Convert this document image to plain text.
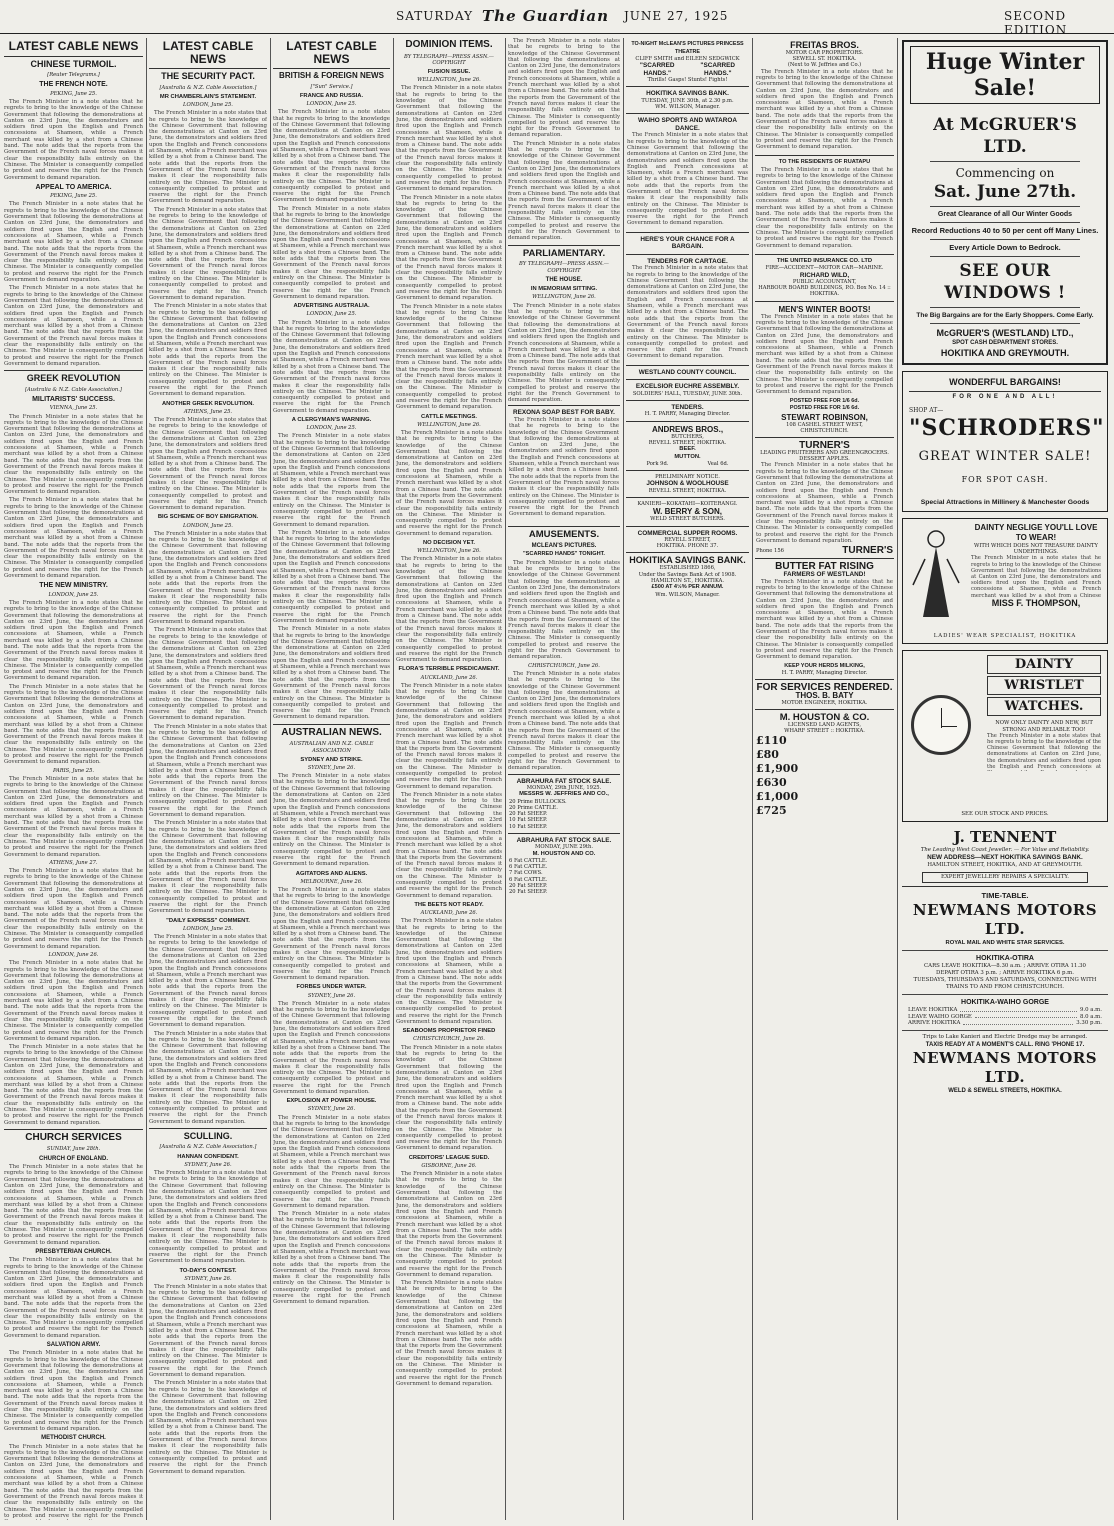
SATURDAY The Guardian JUNE 27, 1925	SECOND EDITION
LATEST CABLE NEWS
CHINESE TURMOIL.
[Reuter Telegrams.]
THE FRENCH NOTE.
PEKING, June 25.

The French Minister in a note states that he regrets to bring to the knowledge of the Chinese Government that following the demonstrations at Canton on 23rd June, the demonstrators and soldiers fired upon the English and French concessions at Shameen, while a French merchant was killed by a shot from a Chinese band. The note adds that the reports from the Government of the French naval forces makes it clear the responsibility falls entirely on the Chinese. The Minister is consequently compelled to protest and reserve the right for the French Government to demand reparation.

APPEAL TO AMERICA.
PEKING, June 25.

The French Minister in a note states that he regrets to bring to the knowledge of the Chinese Government that following the demonstrations at Canton on 23rd June, the demonstrators and soldiers fired upon the English and French concessions at Shameen, while a French merchant was killed by a shot from a Chinese band. The note adds that the reports from the Government of the French naval forces makes it clear the responsibility falls entirely on the Chinese. The Minister is consequently compelled to protest and reserve the right for the French Government to demand reparation.

The French Minister in a note states that he regrets to bring to the knowledge of the Chinese Government that following the demonstrations at Canton on 23rd June, the demonstrators and soldiers fired upon the English and French concessions at Shameen, while a French merchant was killed by a shot from a Chinese band. The note adds that the reports from the Government of the French naval forces makes it clear the responsibility falls entirely on the Chinese. The Minister is consequently compelled to protest and reserve the right for the French Government to demand reparation.

GREEK REVOLUTION
[Australia & N.Z. Cable Association.]
MILITARISTS' SUCCESS.
VIENNA, June 25.

The French Minister in a note states that he regrets to bring to the knowledge of the Chinese Government that following the demonstrations at Canton on 23rd June, the demonstrators and soldiers fired upon the English and French concessions at Shameen, while a French merchant was killed by a shot from a Chinese band. The note adds that the reports from the Government of the French naval forces makes it clear the responsibility falls entirely on the Chinese. The Minister is consequently compelled to protest and reserve the right for the French Government to demand reparation.

The French Minister in a note states that he regrets to bring to the knowledge of the Chinese Government that following the demonstrations at Canton on 23rd June, the demonstrators and soldiers fired upon the English and French concessions at Shameen, while a French merchant was killed by a shot from a Chinese band. The note adds that the reports from the Government of the French naval forces makes it clear the responsibility falls entirely on the Chinese. The Minister is consequently compelled to protest and reserve the right for the French Government to demand reparation.

THE NEW MINISTRY.
LONDON, June 25.

The French Minister in a note states that he regrets to bring to the knowledge of the Chinese Government that following the demonstrations at Canton on 23rd June, the demonstrators and soldiers fired upon the English and French concessions at Shameen, while a French merchant was killed by a shot from a Chinese band. The note adds that the reports from the Government of the French naval forces makes it clear the responsibility falls entirely on the Chinese. The Minister is consequently compelled to protest and reserve the right for the French Government to demand reparation.

The French Minister in a note states that he regrets to bring to the knowledge of the Chinese Government that following the demonstrations at Canton on 23rd June, the demonstrators and soldiers fired upon the English and French concessions at Shameen, while a French merchant was killed by a shot from a Chinese band. The note adds that the reports from the Government of the French naval forces makes it clear the responsibility falls entirely on the Chinese. The Minister is consequently compelled to protest and reserve the right for the French Government to demand reparation.

PARIS, June 25.

The French Minister in a note states that he regrets to bring to the knowledge of the Chinese Government that following the demonstrations at Canton on 23rd June, the demonstrators and soldiers fired upon the English and French concessions at Shameen, while a French merchant was killed by a shot from a Chinese band. The note adds that the reports from the Government of the French naval forces makes it clear the responsibility falls entirely on the Chinese. The Minister is consequently compelled to protest and reserve the right for the French Government to demand reparation.

ATHENS, June 27.

The French Minister in a note states that he regrets to bring to the knowledge of the Chinese Government that following the demonstrations at Canton on 23rd June, the demonstrators and soldiers fired upon the English and French concessions at Shameen, while a French merchant was killed by a shot from a Chinese band. The note adds that the reports from the Government of the French naval forces makes it clear the responsibility falls entirely on the Chinese. The Minister is consequently compelled to protest and reserve the right for the French Government to demand reparation.

LONDON, June 26.

The French Minister in a note states that he regrets to bring to the knowledge of the Chinese Government that following the demonstrations at Canton on 23rd June, the demonstrators and soldiers fired upon the English and French concessions at Shameen, while a French merchant was killed by a shot from a Chinese band. The note adds that the reports from the Government of the French naval forces makes it clear the responsibility falls entirely on the Chinese. The Minister is consequently compelled to protest and reserve the right for the French Government to demand reparation.

The French Minister in a note states that he regrets to bring to the knowledge of the Chinese Government that following the demonstrations at Canton on 23rd June, the demonstrators and soldiers fired upon the English and French concessions at Shameen, while a French merchant was killed by a shot from a Chinese band. The note adds that the reports from the Government of the French naval forces makes it clear the responsibility falls entirely on the Chinese. The Minister is consequently compelled to protest and reserve the right for the French Government to demand reparation.

CHURCH SERVICES
SUNDAY, June 28th.
CHURCH OF ENGLAND.

The French Minister in a note states that he regrets to bring to the knowledge of the Chinese Government that following the demonstrations at Canton on 23rd June, the demonstrators and soldiers fired upon the English and French concessions at Shameen, while a French merchant was killed by a shot from a Chinese band. The note adds that the reports from the Government of the French naval forces makes it clear the responsibility falls entirely on the Chinese. The Minister is consequently compelled to protest and reserve the right for the French Government to demand reparation.

PRESBYTERIAN CHURCH.

The French Minister in a note states that he regrets to bring to the knowledge of the Chinese Government that following the demonstrations at Canton on 23rd June, the demonstrators and soldiers fired upon the English and French concessions at Shameen, while a French merchant was killed by a shot from a Chinese band. The note adds that the reports from the Government of the French naval forces makes it clear the responsibility falls entirely on the Chinese. The Minister is consequently compelled to protest and reserve the right for the French Government to demand reparation.

SALVATION ARMY.

The French Minister in a note states that he regrets to bring to the knowledge of the Chinese Government that following the demonstrations at Canton on 23rd June, the demonstrators and soldiers fired upon the English and French concessions at Shameen, while a French merchant was killed by a shot from a Chinese band. The note adds that the reports from the Government of the French naval forces makes it clear the responsibility falls entirely on the Chinese. The Minister is consequently compelled to protest and reserve the right for the French Government to demand reparation.

METHODIST CHURCH.

The French Minister in a note states that he regrets to bring to the knowledge of the Chinese Government that following the demonstrations at Canton on 23rd June, the demonstrators and soldiers fired upon the English and French concessions at Shameen, while a French merchant was killed by a shot from a Chinese band. The note adds that the reports from the Government of the French naval forces makes it clear the responsibility falls entirely on the Chinese. The Minister is consequently compelled to protest and reserve the right for the French

LATEST CABLE NEWS
THE SECURITY PACT.
[Australia & N.Z. Cable Association.]
MR CHAMBERLAIN'S STATEMENT.
LONDON, June 25.

The French Minister in a note states that he regrets to bring to the knowledge of the Chinese Government that following the demonstrations at Canton on 23rd June, the demonstrators and soldiers fired upon the English and French concessions at Shameen, while a French merchant was killed by a shot from a Chinese band. The note adds that the reports from the Government of the French naval forces makes it clear the responsibility falls entirely on the Chinese. The Minister is consequently compelled to protest and reserve the right for the French Government to demand reparation.

The French Minister in a note states that he regrets to bring to the knowledge of the Chinese Government that following the demonstrations at Canton on 23rd June, the demonstrators and soldiers fired upon the English and French concessions at Shameen, while a French merchant was killed by a shot from a Chinese band. The note adds that the reports from the Government of the French naval forces makes it clear the responsibility falls entirely on the Chinese. The Minister is consequently compelled to protest and reserve the right for the French Government to demand reparation.

The French Minister in a note states that he regrets to bring to the knowledge of the Chinese Government that following the demonstrations at Canton on 23rd June, the demonstrators and soldiers fired upon the English and French concessions at Shameen, while a French merchant was killed by a shot from a Chinese band. The note adds that the reports from the Government of the French naval forces makes it clear the responsibility falls entirely on the Chinese. The Minister is consequently compelled to protest and reserve the right for the French Government to demand reparation.

ANOTHER GREEK REVOLUTION.
ATHENS, June 25.

The French Minister in a note states that he regrets to bring to the knowledge of the Chinese Government that following the demonstrations at Canton on 23rd June, the demonstrators and soldiers fired upon the English and French concessions at Shameen, while a French merchant was killed by a shot from a Chinese band. The note adds that the reports from the Government of the French naval forces makes it clear the responsibility falls entirely on the Chinese. The Minister is consequently compelled to protest and reserve the right for the French Government to demand reparation.

BIG SCHEME OF BOY EMIGRATION.
LONDON, June 25.

The French Minister in a note states that he regrets to bring to the knowledge of the Chinese Government that following the demonstrations at Canton on 23rd June, the demonstrators and soldiers fired upon the English and French concessions at Shameen, while a French merchant was killed by a shot from a Chinese band. The note adds that the reports from the Government of the French naval forces makes it clear the responsibility falls entirely on the Chinese. The Minister is consequently compelled to protest and reserve the right for the French Government to demand reparation.

The French Minister in a note states that he regrets to bring to the knowledge of the Chinese Government that following the demonstrations at Canton on 23rd June, the demonstrators and soldiers fired upon the English and French concessions at Shameen, while a French merchant was killed by a shot from a Chinese band. The note adds that the reports from the Government of the French naval forces makes it clear the responsibility falls entirely on the Chinese. The Minister is consequently compelled to protest and reserve the right for the French Government to demand reparation.

The French Minister in a note states that he regrets to bring to the knowledge of the Chinese Government that following the demonstrations at Canton on 23rd June, the demonstrators and soldiers fired upon the English and French concessions at Shameen, while a French merchant was killed by a shot from a Chinese band. The note adds that the reports from the Government of the French naval forces makes it clear the responsibility falls entirely on the Chinese. The Minister is consequently compelled to protest and reserve the right for the French Government to demand reparation.

The French Minister in a note states that he regrets to bring to the knowledge of the Chinese Government that following the demonstrations at Canton on 23rd June, the demonstrators and soldiers fired upon the English and French concessions at Shameen, while a French merchant was killed by a shot from a Chinese band. The note adds that the reports from the Government of the French naval forces makes it clear the responsibility falls entirely on the Chinese. The Minister is consequently compelled to protest and reserve the right for the French Government to demand reparation.

"DAILY EXPRESS" COMMENT.
LONDON, June 25.

The French Minister in a note states that he regrets to bring to the knowledge of the Chinese Government that following the demonstrations at Canton on 23rd June, the demonstrators and soldiers fired upon the English and French concessions at Shameen, while a French merchant was killed by a shot from a Chinese band. The note adds that the reports from the Government of the French naval forces makes it clear the responsibility falls entirely on the Chinese. The Minister is consequently compelled to protest and reserve the right for the French Government to demand reparation.

The French Minister in a note states that he regrets to bring to the knowledge of the Chinese Government that following the demonstrations at Canton on 23rd June, the demonstrators and soldiers fired upon the English and French concessions at Shameen, while a French merchant was killed by a shot from a Chinese band. The note adds that the reports from the Government of the French naval forces makes it clear the responsibility falls entirely on the Chinese. The Minister is consequently compelled to protest and reserve the right for the French Government to demand reparation.

SCULLING.
[Australia & N.Z. Cable Association.]
HANNAN CONFIDENT.
SYDNEY, June 26.

The French Minister in a note states that he regrets to bring to the knowledge of the Chinese Government that following the demonstrations at Canton on 23rd June, the demonstrators and soldiers fired upon the English and French concessions at Shameen, while a French merchant was killed by a shot from a Chinese band. The note adds that the reports from the Government of the French naval forces makes it clear the responsibility falls entirely on the Chinese. The Minister is consequently compelled to protest and reserve the right for the French Government to demand reparation.

TO-DAY'S CONTEST.
SYDNEY, June 26.

The French Minister in a note states that he regrets to bring to the knowledge of the Chinese Government that following the demonstrations at Canton on 23rd June, the demonstrators and soldiers fired upon the English and French concessions at Shameen, while a French merchant was killed by a shot from a Chinese band. The note adds that the reports from the Government of the French naval forces makes it clear the responsibility falls entirely on the Chinese. The Minister is consequently compelled to protest and reserve the right for the French Government to demand reparation.

The French Minister in a note states that he regrets to bring to the knowledge of the Chinese Government that following the demonstrations at Canton on 23rd June, the demonstrators and soldiers fired upon the English and French concessions at Shameen, while a French merchant was killed by a shot from a Chinese band. The note adds that the reports from the Government of the French naval forces makes it clear the responsibility falls entirely on the Chinese. The Minister is consequently compelled to protest and reserve the right for the French Government to demand reparation.

LATEST CABLE NEWS
BRITISH & FOREIGN NEWS
["Sun" Service.]
FRANCE AND RUSSIA.
LONDON, June 25.

The French Minister in a note states that he regrets to bring to the knowledge of the Chinese Government that following the demonstrations at Canton on 23rd June, the demonstrators and soldiers fired upon the English and French concessions at Shameen, while a French merchant was killed by a shot from a Chinese band. The note adds that the reports from the Government of the French naval forces makes it clear the responsibility falls entirely on the Chinese. The Minister is consequently compelled to protest and reserve the right for the French Government to demand reparation.

The French Minister in a note states that he regrets to bring to the knowledge of the Chinese Government that following the demonstrations at Canton on 23rd June, the demonstrators and soldiers fired upon the English and French concessions at Shameen, while a French merchant was killed by a shot from a Chinese band. The note adds that the reports from the Government of the French naval forces makes it clear the responsibility falls entirely on the Chinese. The Minister is consequently compelled to protest and reserve the right for the French Government to demand reparation.

ADVERTISING AUSTRALIA.
LONDON, June 25.

The French Minister in a note states that he regrets to bring to the knowledge of the Chinese Government that following the demonstrations at Canton on 23rd June, the demonstrators and soldiers fired upon the English and French concessions at Shameen, while a French merchant was killed by a shot from a Chinese band. The note adds that the reports from the Government of the French naval forces makes it clear the responsibility falls entirely on the Chinese. The Minister is consequently compelled to protest and reserve the right for the French Government to demand reparation.

A CLERGYMAN'S WARNING.
LONDON, June 25.

The French Minister in a note states that he regrets to bring to the knowledge of the Chinese Government that following the demonstrations at Canton on 23rd June, the demonstrators and soldiers fired upon the English and French concessions at Shameen, while a French merchant was killed by a shot from a Chinese band. The note adds that the reports from the Government of the French naval forces makes it clear the responsibility falls entirely on the Chinese. The Minister is consequently compelled to protest and reserve the right for the French Government to demand reparation.

The French Minister in a note states that he regrets to bring to the knowledge of the Chinese Government that following the demonstrations at Canton on 23rd June, the demonstrators and soldiers fired upon the English and French concessions at Shameen, while a French merchant was killed by a shot from a Chinese band. The note adds that the reports from the Government of the French naval forces makes it clear the responsibility falls entirely on the Chinese. The Minister is consequently compelled to protest and reserve the right for the French Government to demand reparation.

The French Minister in a note states that he regrets to bring to the knowledge of the Chinese Government that following the demonstrations at Canton on 23rd June, the demonstrators and soldiers fired upon the English and French concessions at Shameen, while a French merchant was killed by a shot from a Chinese band. The note adds that the reports from the Government of the French naval forces makes it clear the responsibility falls entirely on the Chinese. The Minister is consequently compelled to protest and reserve the right for the French Government to demand reparation.

AUSTRALIAN NEWS.
AUSTRALIAN AND N.Z. CABLE ASSOCIATION
SYDNEY AND STRIKE.
SYDNEY, June 26.

The French Minister in a note states that he regrets to bring to the knowledge of the Chinese Government that following the demonstrations at Canton on 23rd June, the demonstrators and soldiers fired upon the English and French concessions at Shameen, while a French merchant was killed by a shot from a Chinese band. The note adds that the reports from the Government of the French naval forces makes it clear the responsibility falls entirely on the Chinese. The Minister is consequently compelled to protest and reserve the right for the French Government to demand reparation.

AGITATORS AND ALIENS.
MELBOURNE, June 26.

The French Minister in a note states that he regrets to bring to the knowledge of the Chinese Government that following the demonstrations at Canton on 23rd June, the demonstrators and soldiers fired upon the English and French concessions at Shameen, while a French merchant was killed by a shot from a Chinese band. The note adds that the reports from the Government of the French naval forces makes it clear the responsibility falls entirely on the Chinese. The Minister is consequently compelled to protest and reserve the right for the French Government to demand reparation.

FORBES UNDER WATER.
SYDNEY, June 26.

The French Minister in a note states that he regrets to bring to the knowledge of the Chinese Government that following the demonstrations at Canton on 23rd June, the demonstrators and soldiers fired upon the English and French concessions at Shameen, while a French merchant was killed by a shot from a Chinese band. The note adds that the reports from the Government of the French naval forces makes it clear the responsibility falls entirely on the Chinese. The Minister is consequently compelled to protest and reserve the right for the French Government to demand reparation.

EXPLOSION AT POWER HOUSE.
SYDNEY, June 26.

The French Minister in a note states that he regrets to bring to the knowledge of the Chinese Government that following the demonstrations at Canton on 23rd June, the demonstrators and soldiers fired upon the English and French concessions at Shameen, while a French merchant was killed by a shot from a Chinese band. The note adds that the reports from the Government of the French naval forces makes it clear the responsibility falls entirely on the Chinese. The Minister is consequently compelled to protest and reserve the right for the French Government to demand reparation.

The French Minister in a note states that he regrets to bring to the knowledge of the Chinese Government that following the demonstrations at Canton on 23rd June, the demonstrators and soldiers fired upon the English and French concessions at Shameen, while a French merchant was killed by a shot from a Chinese band. The note adds that the reports from the Government of the French naval forces makes it clear the responsibility falls entirely on the Chinese. The Minister is consequently compelled to protest and reserve the right for the French Government to demand reparation.

DOMINION ITEMS.
BY TELEGRAPH—PRESS ASSN.—COPYRIGHT
FUSION ISSUE.
WELLINGTON, June 26.

The French Minister in a note states that he regrets to bring to the knowledge of the Chinese Government that following the demonstrations at Canton on 23rd June, the demonstrators and soldiers fired upon the English and French concessions at Shameen, while a French merchant was killed by a shot from a Chinese band. The note adds that the reports from the Government of the French naval forces makes it clear the responsibility falls entirely on the Chinese. The Minister is consequently compelled to protest and reserve the right for the French Government to demand reparation.

The French Minister in a note states that he regrets to bring to the knowledge of the Chinese Government that following the demonstrations at Canton on 23rd June, the demonstrators and soldiers fired upon the English and French concessions at Shameen, while a French merchant was killed by a shot from a Chinese band. The note adds that the reports from the Government of the French naval forces makes it clear the responsibility falls entirely on the Chinese. The Minister is consequently compelled to protest and reserve the right for the French Government to demand reparation.

The French Minister in a note states that he regrets to bring to the knowledge of the Chinese Government that following the demonstrations at Canton on 23rd June, the demonstrators and soldiers fired upon the English and French concessions at Shameen, while a French merchant was killed by a shot from a Chinese band. The note adds that the reports from the Government of the French naval forces makes it clear the responsibility falls entirely on the Chinese. The Minister is consequently compelled to protest and reserve the right for the French Government to demand reparation.

CATTLE MEETINGS.
WELLINGTON, June 26.

The French Minister in a note states that he regrets to bring to the knowledge of the Chinese Government that following the demonstrations at Canton on 23rd June, the demonstrators and soldiers fired upon the English and French concessions at Shameen, while a French merchant was killed by a shot from a Chinese band. The note adds that the reports from the Government of the French naval forces makes it clear the responsibility falls entirely on the Chinese. The Minister is consequently compelled to protest and reserve the right for the French Government to demand reparation.

NO DECISION YET.
WELLINGTON, June 26.

The French Minister in a note states that he regrets to bring to the knowledge of the Chinese Government that following the demonstrations at Canton on 23rd June, the demonstrators and soldiers fired upon the English and French concessions at Shameen, while a French merchant was killed by a shot from a Chinese band. The note adds that the reports from the Government of the French naval forces makes it clear the responsibility falls entirely on the Chinese. The Minister is consequently compelled to protest and reserve the right for the French Government to demand reparation.

FLORA'S TERRIBLE PREDICAMENT.
AUCKLAND, June 26.

The French Minister in a note states that he regrets to bring to the knowledge of the Chinese Government that following the demonstrations at Canton on 23rd June, the demonstrators and soldiers fired upon the English and French concessions at Shameen, while a French merchant was killed by a shot from a Chinese band. The note adds that the reports from the Government of the French naval forces makes it clear the responsibility falls entirely on the Chinese. The Minister is consequently compelled to protest and reserve the right for the French Government to demand reparation.

The French Minister in a note states that he regrets to bring to the knowledge of the Chinese Government that following the demonstrations at Canton on 23rd June, the demonstrators and soldiers fired upon the English and French concessions at Shameen, while a French merchant was killed by a shot from a Chinese band. The note adds that the reports from the Government of the French naval forces makes it clear the responsibility falls entirely on the Chinese. The Minister is consequently compelled to protest and reserve the right for the French Government to demand reparation.

THE BEETS NOT READY.
AUCKLAND, June 26.

The French Minister in a note states that he regrets to bring to the knowledge of the Chinese Government that following the demonstrations at Canton on 23rd June, the demonstrators and soldiers fired upon the English and French concessions at Shameen, while a French merchant was killed by a shot from a Chinese band. The note adds that the reports from the Government of the French naval forces makes it clear the responsibility falls entirely on the Chinese. The Minister is consequently compelled to protest and reserve the right for the French Government to demand reparation.

SEABOOMS PROPRIETOR FINED
CHRISTCHURCH, June 26.

The French Minister in a note states that he regrets to bring to the knowledge of the Chinese Government that following the demonstrations at Canton on 23rd June, the demonstrators and soldiers fired upon the English and French concessions at Shameen, while a French merchant was killed by a shot from a Chinese band. The note adds that the reports from the Government of the French naval forces makes it clear the responsibility falls entirely on the Chinese. The Minister is consequently compelled to protest and reserve the right for the French Government to demand reparation.

CREDITORS' LEAGUE SUED.
GISBORNE, June 26.

The French Minister in a note states that he regrets to bring to the knowledge of the Chinese Government that following the demonstrations at Canton on 23rd June, the demonstrators and soldiers fired upon the English and French concessions at Shameen, while a French merchant was killed by a shot from a Chinese band. The note adds that the reports from the Government of the French naval forces makes it clear the responsibility falls entirely on the Chinese. The Minister is consequently compelled to protest and reserve the right for the French Government to demand reparation.

The French Minister in a note states that he regrets to bring to the knowledge of the Chinese Government that following the demonstrations at Canton on 23rd June, the demonstrators and soldiers fired upon the English and French concessions at Shameen, while a French merchant was killed by a shot from a Chinese band. The note adds that the reports from the Government of the French naval forces makes it clear the responsibility falls entirely on the Chinese. The Minister is consequently compelled to protest and reserve the right for the French Government to demand reparation.

The French Minister in a note states that he regrets to bring to the knowledge of the Chinese Government that following the demonstrations at Canton on 23rd June, the demonstrators and soldiers fired upon the English and French concessions at Shameen, while a French merchant was killed by a shot from a Chinese band. The note adds that the reports from the Government of the French naval forces makes it clear the responsibility falls entirely on the Chinese. The Minister is consequently compelled to protest and reserve the right for the French Government to demand reparation.

The French Minister in a note states that he regrets to bring to the knowledge of the Chinese Government that following the demonstrations at Canton on 23rd June, the demonstrators and soldiers fired upon the English and French concessions at Shameen, while a French merchant was killed by a shot from a Chinese band. The note adds that the reports from the Government of the French naval forces makes it clear the responsibility falls entirely on the Chinese. The Minister is consequently compelled to protest and reserve the right for the French Government to demand reparation.

PARLIAMENTARY.
BY TELEGRAPH—PRESS ASSN.—COPYRIGHT
THE HOUSE.
IN MEMORIAM SITTING.
WELLINGTON, June 26.

The French Minister in a note states that he regrets to bring to the knowledge of the Chinese Government that following the demonstrations at Canton on 23rd June, the demonstrators and soldiers fired upon the English and French concessions at Shameen, while a French merchant was killed by a shot from a Chinese band. The note adds that the reports from the Government of the French naval forces makes it clear the responsibility falls entirely on the Chinese. The Minister is consequently compelled to protest and reserve the right for the French Government to demand reparation.

REXONA SOAP BEST FOR BABY.

The French Minister in a note states that he regrets to bring to the knowledge of the Chinese Government that following the demonstrations at Canton on 23rd June, the demonstrators and soldiers fired upon the English and French concessions at Shameen, while a French merchant was killed by a shot from a Chinese band. The note adds that the reports from the Government of the French naval forces makes it clear the responsibility falls entirely on the Chinese. The Minister is consequently compelled to protest and reserve the right for the French Government to demand reparation.

AMUSEMENTS.
MCLEAN'S PICTURES.
"SCARRED HANDS" TONIGHT.

The French Minister in a note states that he regrets to bring to the knowledge of the Chinese Government that following the demonstrations at Canton on 23rd June, the demonstrators and soldiers fired upon the English and French concessions at Shameen, while a French merchant was killed by a shot from a Chinese band. The note adds that the reports from the Government of the French naval forces makes it clear the responsibility falls entirely on the Chinese. The Minister is consequently compelled to protest and reserve the right for the French Government to demand reparation.

CHRISTCHURCH, June 26.

The French Minister in a note states that he regrets to bring to the knowledge of the Chinese Government that following the demonstrations at Canton on 23rd June, the demonstrators and soldiers fired upon the English and French concessions at Shameen, while a French merchant was killed by a shot from a Chinese band. The note adds that the reports from the Government of the French naval forces makes it clear the responsibility falls entirely on the Chinese. The Minister is consequently compelled to protest and reserve the right for the French Government to demand reparation.

ABRAHURA FAT STOCK SALE.
MONDAY, 29th JUNE, 1925.
MESSRS W. JEFFRIES AND CO.,
20 Prime BULLOCKS.
20 Prime CATTLE.
20 Fat SHEEP.
10 Fat SHEEP.
10 Fat SHEEP.
ABRAHURA FAT STOCK SALE.
MONDAY, JUNE 29th.
M. HOUSTON AND CO.
6 Fat CATTLE.
6 Fat CATTLE.
7 Fat COWS.
6 Fat CATTLE.
20 Fat SHEEP.
20 Fat SHEEP.
TO-NIGHT McLEAN'S PICTURES PRINCESS THEATRE
CLIFF SMITH and EILEEN SEDGWICK
"SCARRED HANDS."
"SCARRED HANDS."
Thrills! Gasps! Stunts! Fights!
HOKITIKA SAVINGS BANK.
TUESDAY, JUNE 30th, at 2.30 p.m.
WM. WILSON, Manager.
WAIHO SPORTS AND WATAROA DANCE.

The French Minister in a note states that he regrets to bring to the knowledge of the Chinese Government that following the demonstrations at Canton on 23rd June, the demonstrators and soldiers fired upon the English and French concessions at Shameen, while a French merchant was killed by a shot from a Chinese band. The note adds that the reports from the Government of the French naval forces makes it clear the responsibility falls entirely on the Chinese. The Minister is consequently compelled to protest and reserve the right for the French Government to demand reparation.

HERE'S YOUR CHANCE FOR A BARGAIN.
TENDERS FOR CARTAGE.

The French Minister in a note states that he regrets to bring to the knowledge of the Chinese Government that following the demonstrations at Canton on 23rd June, the demonstrators and soldiers fired upon the English and French concessions at Shameen, while a French merchant was killed by a shot from a Chinese band. The note adds that the reports from the Government of the French naval forces makes it clear the responsibility falls entirely on the Chinese. The Minister is consequently compelled to protest and reserve the right for the French Government to demand reparation.

WESTLAND COUNTY COUNCIL.
EXCELSIOR EUCHRE ASSEMBLY.
SOLDIERS' HALL, TUESDAY, JUNE 30th.
TENDERS.
H. T. PARRY, Managing Director.
ANDREWS BROS.,
BUTCHERS,
REVELL STREET, HOKITIKA.
BEEF.
MUTTON.
Pork 9d.	Veal 6d.
PRELIMINARY NOTICE.
JOHNSON & WOOLHOUSE
REVELL STREET, HOKITIKA.
KANIERI—KOKATAHI—KOITERANGI.
W. BERRY & SON,
WELD STREET BUTCHERS.
COMMERCIAL SUPPER ROOMS.
REVELL STREET,
HOKITIKA. PHONE 37.
HOKITIKA SAVINGS BANK.
ESTABLISHED 1866,
Under the Savings Bank Act of 1908.
HAMILTON ST., HOKITIKA.
£500 AT 4½% PER ANNUM.
Wm. WILSON, Manager.
FREITAS BROS.
MOTOR CAR PROPRIETORS.
SEWELL ST. HOKITIKA.
(Next to W. Jeffries and Co.)

The French Minister in a note states that he regrets to bring to the knowledge of the Chinese Government that following the demonstrations at Canton on 23rd June, the demonstrators and soldiers fired upon the English and French concessions at Shameen, while a French merchant was killed by a shot from a Chinese band. The note adds that the reports from the Government of the French naval forces makes it clear the responsibility falls entirely on the Chinese. The Minister is consequently compelled to protest and reserve the right for the French Government to demand reparation.

TO THE RESIDENTS OF RUATAPU

The French Minister in a note states that he regrets to bring to the knowledge of the Chinese Government that following the demonstrations at Canton on 23rd June, the demonstrators and soldiers fired upon the English and French concessions at Shameen, while a French merchant was killed by a shot from a Chinese band. The note adds that the reports from the Government of the French naval forces makes it clear the responsibility falls entirely on the Chinese. The Minister is consequently compelled to protest and reserve the right for the French Government to demand reparation.

THE UNITED INSURANCE CO. LTD
FIRE—ACCIDENT—MOTOR CAR—MARINE.
RICHARD WILD,
PUBLIC ACCOUNTANT,
HARBOUR BOARD BUILDINGS, P.O. Box No. 14 :: HOKITIKA.
MEN'S WINTER BOOTS!

The French Minister in a note states that he regrets to bring to the knowledge of the Chinese Government that following the demonstrations at Canton on 23rd June, the demonstrators and soldiers fired upon the English and French concessions at Shameen, while a French merchant was killed by a shot from a Chinese band. The note adds that the reports from the Government of the French naval forces makes it clear the responsibility falls entirely on the Chinese. The Minister is consequently compelled to protest and reserve the right for the French Government to demand reparation.

POSTED FREE FOR 1/6 6d.
POSTED FREE FOR 1/6 6d.
STEWART ROBINSON,
108 CASHEL STREET WEST,
CHRISTCHURCH.
TURNER'S
LEADING FRUITERERS AND GREENGROCERS.
DESSERT APPLES.

The French Minister in a note states that he regrets to bring to the knowledge of the Chinese Government that following the demonstrations at Canton on 23rd June, the demonstrators and soldiers fired upon the English and French concessions at Shameen, while a French merchant was killed by a shot from a Chinese band. The note adds that the reports from the Government of the French naval forces makes it clear the responsibility falls entirely on the Chinese. The Minister is consequently compelled to protest and reserve the right for the French Government to demand reparation.

Phone 156	TURNER'S
BUTTER FAT RISING
FARMERS OF WESTLAND!

The French Minister in a note states that he regrets to bring to the knowledge of the Chinese Government that following the demonstrations at Canton on 23rd June, the demonstrators and soldiers fired upon the English and French concessions at Shameen, while a French merchant was killed by a shot from a Chinese band. The note adds that the reports from the Government of the French naval forces makes it clear the responsibility falls entirely on the Chinese. The Minister is consequently compelled to protest and reserve the right for the French Government to demand reparation.

KEEP YOUR HERDS MILKING,
H. T. PARRY, Managing Director.
FOR SERVICES RENDERED.
THOS. B. BATY
MOTOR ENGINEER, HOKITIKA.
M. HOUSTON & CO.
LICENSED LAND AGENTS,
WHARF STREET :: HOKITIKA.
£110
£80
£1,900
£630
£1,000
£725
Huge Winter Sale!
At McGRUER'S LTD.
Commencing on
Sat. June 27th.
Great Clearance of all Our Winter Goods
Record Reductions 40 to 50 per cent off Many Lines.
Every Article Down to Bedrock.
SEE OUR WINDOWS !
The Big Bargains are for the Early Shoppers. Come Early.
McGRUER'S (WESTLAND) LTD.,
SPOT CASH DEPARTMENT STORES.
HOKITIKA AND GREYMOUTH.
WONDERFUL BARGAINS!
FOR ONE AND ALL!
SHOP AT—
"SCHRODERS"
GREAT WINTER SALE!
FOR SPOT CASH.
Special Attractions in Millinery & Manchester Goods
DAINTY NEGLIGE YOU'LL LOVE TO WEAR!
WITH WHICH DOES NOT TREASURE DAINTY UNDERTHINGS.

The French Minister in a note states that he regrets to bring to the knowledge of the Chinese Government that following the demonstrations at Canton on 23rd June, the demonstrators and soldiers fired upon the English and French concessions at Shameen, while a French merchant was killed by a shot from a Chinese

MISS F. THOMPSON,
LADIES' WEAR SPECIALIST, HOKITIKA
DAINTY
WRISTLET
WATCHES.
NOW ONLY DAINTY AND NEW, BUT STRONG AND RELIABLE TOO!

The French Minister in a note states that he regrets to bring to the knowledge of the Chinese Government that following the demonstrations at Canton on 23rd June, the demonstrators and soldiers fired upon the English and French concessions at

SEE OUR STOCK AND PRICES.
J. TENNENT
The Leading West Coast Jeweller. — For Value and Reliability.
NEW ADDRESS—NEXT HOKITIKA SAVINGS BANK.
HAMILTON STREET, HOKITIKA, AND AT GREYMOUTH.
EXPERT JEWELLERY REPAIRS A SPECIALITY.
TIME-TABLE.
NEWMANS MOTORS LTD.
ROYAL MAIL AND WHITE STAR SERVICES.
HOKITIKA-OTIRA
CARS LEAVE HOKITIKA—8.30 a.m. ; ARRIVE OTIRA 11.30
DEPART OTIRA 3 p.m. ; ARRIVE HOKITIKA 6 p.m.
TUESDAYS, THURSDAYS AND SATURDAYS, CONNECTING WITH TRAINS TO AND FROM CHRISTCHURCH.
HOKITIKA-WAIHO GORGE
LEAVE HOKITIKA	9.0 a.m.
LEAVE WAIHO GORGE	8.0 a.m.
ARRIVE HOKITIKA	3.30 p.m.
Trips to Lake Kanieri and Electric Dredge may be arranged.
TAXIS READY AT A MOMENT'S CALL. RING 'PHONE 17.
NEWMANS MOTORS LTD.
WELD & SEWELL STREETS, HOKITIKA.
